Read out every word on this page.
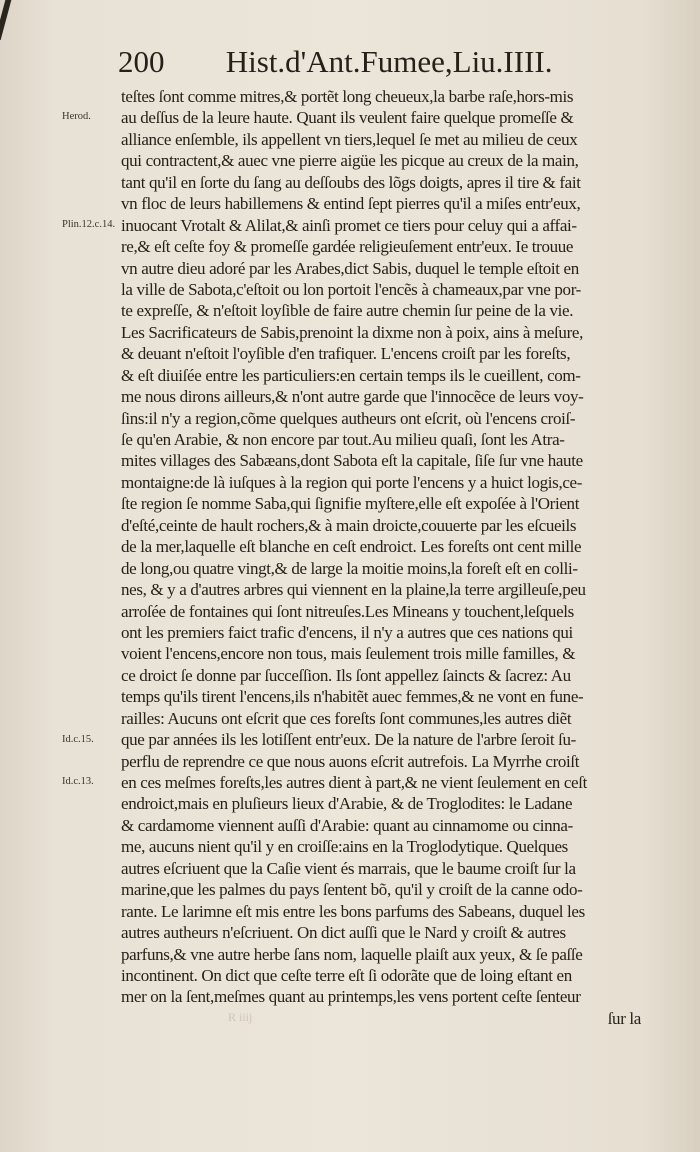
200 Hist.d'Ant.Fumee,Liu.IIII.
Herod.
Plin.12.c.14.
Id.c.15.
Id.c.13.
teſtes ſont comme mitres,& portẽt long cheueux,la barbe raſe,hors-mis
au deſſus de la leure haute. Quant ils veulent faire quelque promeſſe &
alliance enſemble, ils appellent vn tiers,lequel ſe met au milieu de ceux
qui contractent,& auec vne pierre aigüe les picque au creux de la main,
tant qu'il en ſorte du ſang au deſſoubs des lõgs doigts, apres il tire & fait
vn floc de leurs habillemens & entind ſept pierres qu'il a miſes entr'eux,
inuocant Vrotalt & Alilat,& ainſi promet ce tiers pour celuy qui a affai-
re,& eſt ceſte foy & promeſſe gardée religieuſement entr'eux. Ie trouue
vn autre dieu adoré par les Arabes,dict Sabis, duquel le temple eſtoit en
la ville de Sabota,c'eſtoit ou lon portoit l'encẽs à chameaux,par vne por-
te expreſſe, & n'eſtoit loyſible de faire autre chemin ſur peine de la vie.
Les Sacrificateurs de Sabis,prenoint la dixme non à poix, ains à meſure,
& deuant n'eſtoit l'oyſible d'en trafiquer. L'encens croiſt par les foreſts,
& eſt diuiſée entre les particuliers:en certain temps ils le cueillent, com-
me nous dirons ailleurs,& n'ont autre garde que l'innocẽce de leurs voy-
ſins:il n'y a region,cõme quelques autheurs ont eſcrit, où l'encens croiſ-
ſe qu'en Arabie, & non encore par tout.Au milieu quaſi, ſont les Atra-
mites villages des Sabæans,dont Sabota eſt la capitale, ſiſe ſur vne haute
montaigne:de là iuſques à la region qui porte l'encens y a huict logis,ce-
ſte region ſe nomme Saba,qui ſignifie myſtere,elle eſt expoſée à l'Orient
d'eſté,ceinte de hault rochers,& à main droicte,couuerte par les eſcueils
de la mer,laquelle eſt blanche en ceſt endroict. Les foreſts ont cent mille
de long,ou quatre vingt,& de large la moitie moins,la foreſt eſt en colli-
nes, & y a d'autres arbres qui viennent en la plaine,la terre argilleuſe,peu
arroſée de fontaines qui ſont nitreuſes.Les Mineans y touchent,leſquels
ont les premiers faict trafic d'encens, il n'y a autres que ces nations qui
voient l'encens,encore non tous, mais ſeulement trois mille familles, &
ce droict ſe donne par ſucceſſion. Ils ſont appellez ſaincts & ſacrez: Au
temps qu'ils tirent l'encens,ils n'habitẽt auec femmes,& ne vont en fune-
railles: Aucuns ont eſcrit que ces foreſts ſont communes,les autres diẽt
que par années ils les lotiſſent entr'eux. De la nature de l'arbre ſeroit ſu-
perflu de reprendre ce que nous auons eſcrit autrefois. La Myrrhe croiſt
en ces meſmes foreſts,les autres dient à part,& ne vient ſeulement en ceſt
endroict,mais en pluſieurs lieux d'Arabie, & de Troglodites: le Ladane
& cardamome viennent auſſi d'Arabie: quant au cinnamome ou cinna-
me, aucuns nient qu'il y en croiſſe:ains en la Troglodytique. Quelques
autres eſcriuent que la Caſie vient és marrais, que le baume croiſt ſur la
marine,que les palmes du pays ſentent bõ, qu'il y croiſt de la canne odo-
rante. Le larimne eſt mis entre les bons parfums des Sabeans, duquel les
autres autheurs n'eſcriuent. On dict auſſi que le Nard y croiſt & autres
parfuns,& vne autre herbe ſans nom, laquelle plaiſt aux yeux, & ſe paſſe
incontinent. On dict que ceſte terre eſt ſi odorãte que de loing eſtant en
mer on la ſent,meſmes quant au printemps,les vens portent ceſte ſenteur
ſur la
R iiij
